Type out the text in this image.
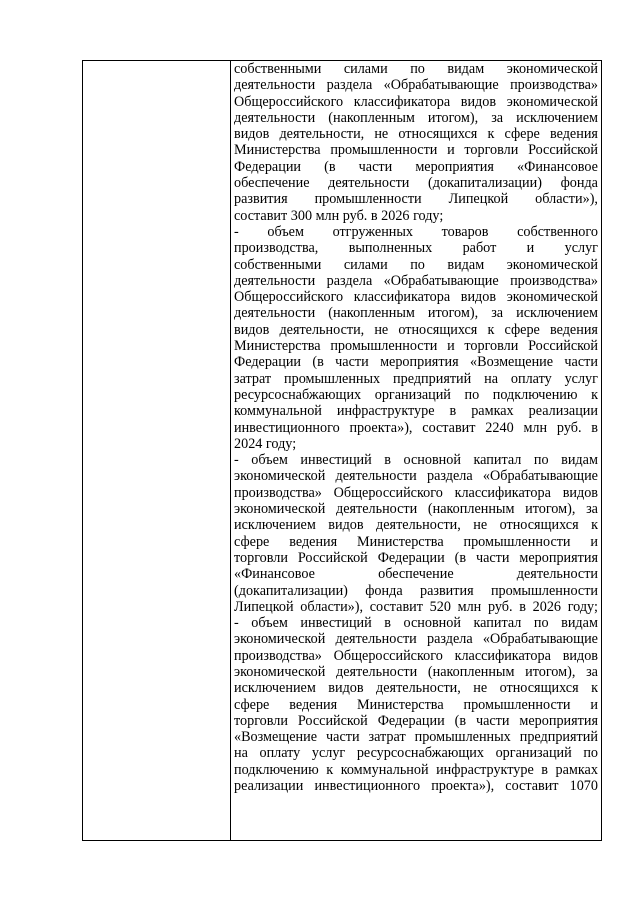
собственными силами по видам экономической
деятельности раздела «Обрабатывающие производства»
Общероссийского классификатора видов экономической
деятельности (накопленным итогом), за исключением
видов деятельности, не относящихся к сфере ведения
Министерства промышленности и торговли Российской
Федерации (в части мероприятия «Финансовое
обеспечение деятельности (докапитализации) фонда
развития промышленности Липецкой области»),
составит 300 млн руб. в 2026 году;
- объем отгруженных товаров собственного
производства, выполненных работ и услуг
собственными силами по видам экономической
деятельности раздела «Обрабатывающие производства»
Общероссийского классификатора видов экономической
деятельности (накопленным итогом), за исключением
видов деятельности, не относящихся к сфере ведения
Министерства промышленности и торговли Российской
Федерации (в части мероприятия «Возмещение части
затрат промышленных предприятий на оплату услуг
ресурсоснабжающих организаций по подключению к
коммунальной инфраструктуре в рамках реализации
инвестиционного проекта»), составит 2240 млн руб. в
2024 году;
- объем инвестиций в основной капитал по видам
экономической деятельности раздела «Обрабатывающие
производства» Общероссийского классификатора видов
экономической деятельности (накопленным итогом), за
исключением видов деятельности, не относящихся к
сфере ведения Министерства промышленности и
торговли Российской Федерации (в части мероприятия
«Финансовое	обеспечение	деятельности
(докапитализации) фонда развития промышленности
Липецкой области»), составит 520 млн руб. в 2026 году;
- объем инвестиций в основной капитал по видам
экономической деятельности раздела «Обрабатывающие
производства» Общероссийского классификатора видов
экономической деятельности (накопленным итогом), за
исключением видов деятельности, не относящихся к
сфере ведения Министерства промышленности и
торговли Российской Федерации (в части мероприятия
«Возмещение части затрат промышленных предприятий
на оплату услуг ресурсоснабжающих организаций по
подключению к коммунальной инфраструктуре в рамках
реализации инвестиционного проекта»), составит 1070
